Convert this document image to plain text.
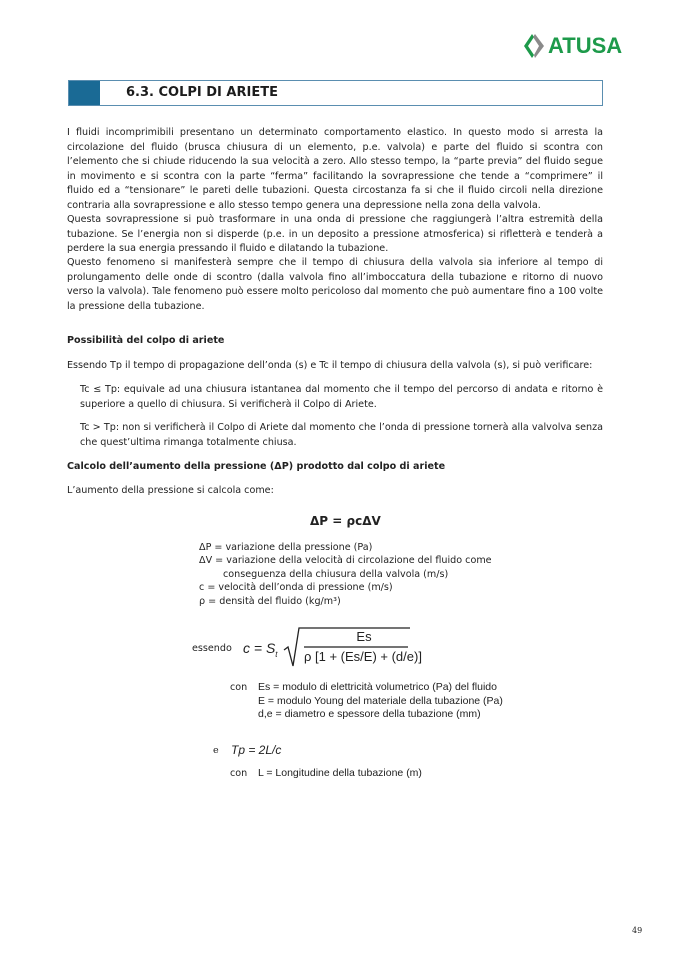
ATUSA
6.3. COLPI DI ARIETE
I fluidi incomprimibili presentano un determinato comportamento elastico. In questo modo si arresta la circolazione del fluido (brusca chiusura di un elemento, p.e. valvola) e parte del fluido si scontra con l’elemento che si chiude riducendo la sua velocità a zero. Allo stesso tempo, la “parte previa” del fluido segue in movimento e si scontra con la parte “ferma” facilitando la sovrapressione che tende a “comprimere” il fluido ed a “tensionare” le pareti delle tubazioni. Questa circostanza fa si che il fluido circoli nella direzione contraria alla sovrapressione e allo stesso tempo genera una depressione nella zona della valvola.
Questa sovrapressione si può trasformare in una onda di pressione che raggiungerà l’altra estremità della tubazione. Se l’energia non si disperde (p.e. in un deposito a pressione atmosferica) si rifletterà e tenderà a perdere la sua energia pressando il fluido e dilatando la tubazione.
Questo fenomeno si manifesterà sempre che il tempo di chiusura della valvola sia inferiore al tempo di prolungamento delle onde di scontro (dalla valvola fino all’imboccatura della tubazione e ritorno di nuovo verso la valvola). Tale fenomeno può essere molto pericoloso dal momento che può aumentare fino a 100 volte la pressione della tubazione.
Possibilità del colpo di ariete
Essendo Tp il tempo di propagazione dell’onda (s) e Tc il tempo di chiusura della valvola (s), si può verificare:
Tc ≤ Tp: equivale ad una chiusura istantanea dal momento che il tempo del percorso di andata e ritorno è superiore a quello di chiusura. Si verificherà il Colpo di Ariete.
Tc > Tp: non si verificherà il Colpo di Ariete dal momento che l’onda di pressione tornerà alla valvolva senza che quest’ultima rimanga totalmente chiusa.
Calcolo dell’aumento della pressione (ΔP) prodotto dal colpo di ariete
L’aumento della pressione si calcola come:
ΔP = ρcΔV
ΔP = variazione della pressione (Pa)
ΔV = variazione della velocità di circolazione del fluido come
conseguenza della chiusura della valvola (m/s)
c = velocità dell’onda di pressione (m/s)
ρ = densità del fluido (kg/m³)
essendo $c = S_t$
Es
ρ [1 + (Es/E) + (d/e)]
con Es = modulo di elettricità volumetrico (Pa) del fluido
E = modulo Young del materiale della tubazione (Pa)
d,e = diametro e spessore della tubazione (mm)
e Tp = 2L/c
con L = Longitudine della tubazione (m)
49
